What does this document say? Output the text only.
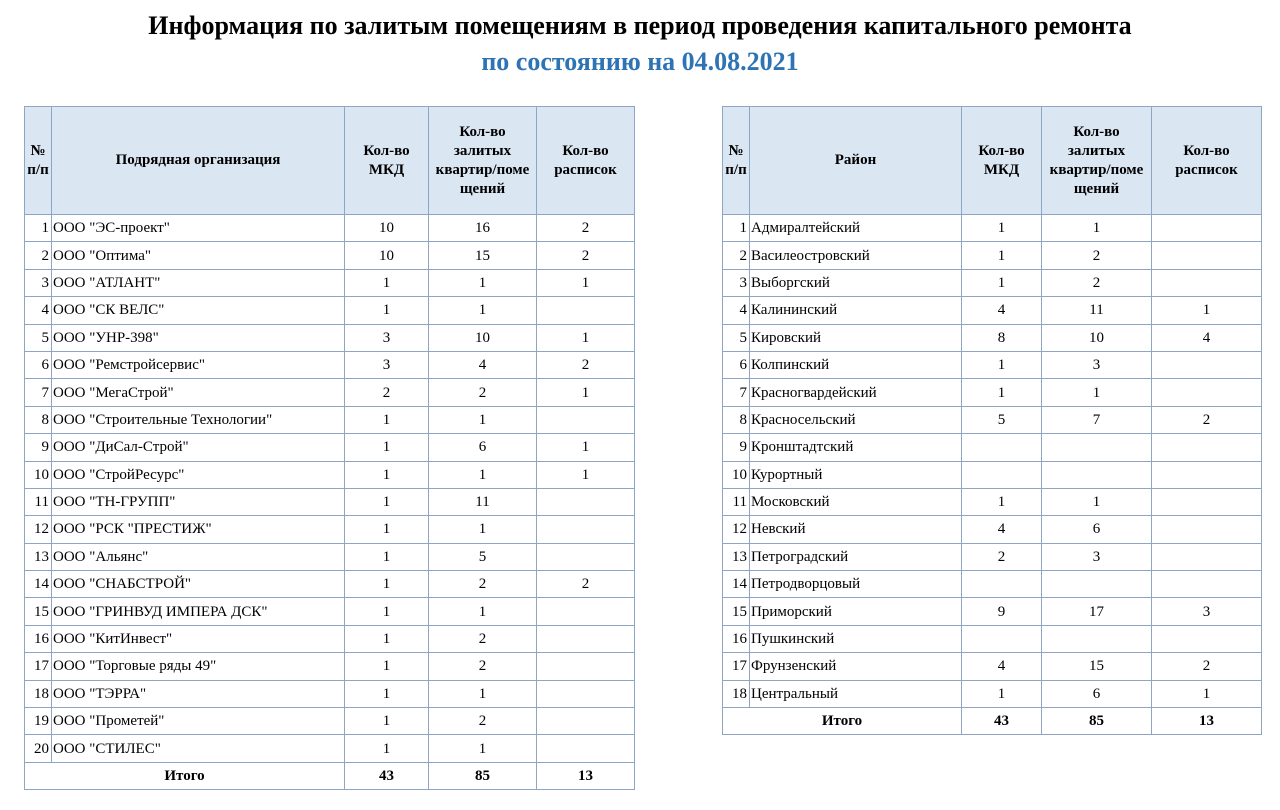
Информация по залитым помещениям в период проведения капитального ремонта
по состоянию на 04.08.2021
№ п/п	Подрядная организация	Кол-во МКД	Кол-во залитых квартир/поме щений	Кол-во расписок
1	ООО "ЭС-проект"	10	16	2
2	ООО "Оптима"	10	15	2
3	ООО "АТЛАНТ"	1	1	1
4	ООО "СК ВЕЛС"	1	1	
5	ООО "УНР-398"	3	10	1
6	ООО "Ремстройсервис"	3	4	2
7	ООО "МегаСтрой"	2	2	1
8	ООО "Строительные Технологии"	1	1	
9	ООО "ДиСал-Строй"	1	6	1
10	ООО "СтройРесурс"	1	1	1
11	ООО "ТН-ГРУПП"	1	11	
12	ООО "РСК "ПРЕСТИЖ"	1	1	
13	ООО "Альянс"	1	5	
14	ООО "СНАБСТРОЙ"	1	2	2
15	ООО "ГРИНВУД ИМПЕРА ДСК"	1	1	
16	ООО "КитИнвест"	1	2	
17	ООО "Торговые ряды 49"	1	2	
18	ООО "ТЭРРА"	1	1	
19	ООО "Прометей"	1	2	
20	ООО "СТИЛЕС"	1	1	
Итого		43	85	13
№ п/п	Район	Кол-во МКД	Кол-во залитых квартир/поме щений	Кол-во расписок
1	Адмиралтейский	1	1	
2	Василеостровский	1	2	
3	Выборгский	1	2	
4	Калининский	4	11	1
5	Кировский	8	10	4
6	Колпинский	1	3	
7	Красногвардейский	1	1	
8	Красносельский	5	7	2
9	Кронштадтский			
10	Курортный			
11	Московский	1	1	
12	Невский	4	6	
13	Петроградский	2	3	
14	Петродворцовый			
15	Приморский	9	17	3
16	Пушкинский			
17	Фрунзенский	4	15	2
18	Центральный	1	6	1
Итого		43	85	13
